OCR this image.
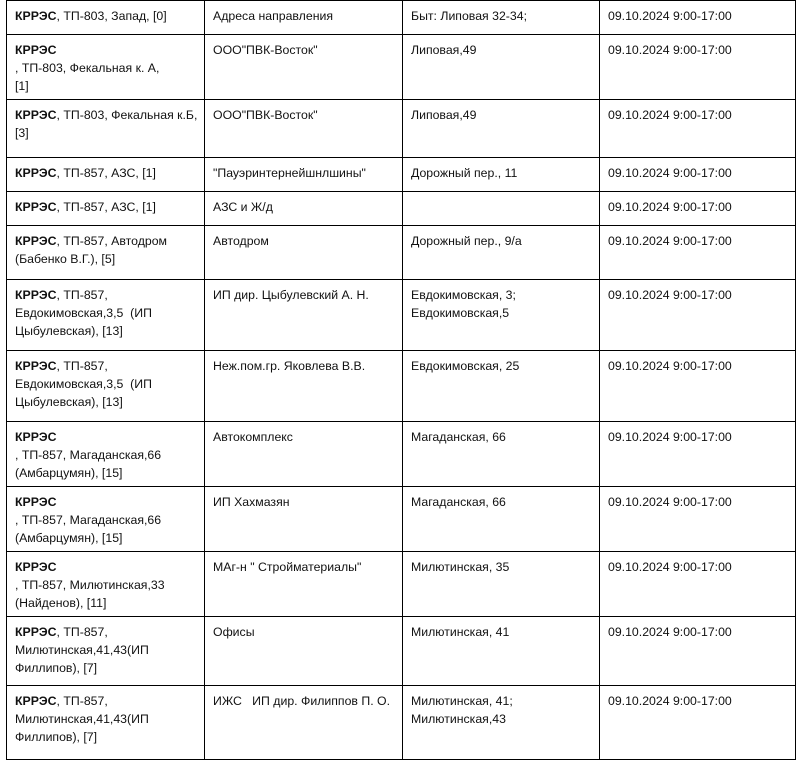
КРРЭС, ТП-803, Запад, [0]	Адреса направления	Быт: Липовая 32-34;	09.10.2024 9:00-17:00

КРРЭС, ТП-803, Фекальная к. А,
[1]	ООО"ПВК-Восток"	Липовая,49	09.10.2024 9:00-17:00

КРРЭС, ТП-803, Фекальная к.Б,
[3]	ООО"ПВК-Восток"	Липовая,49	09.10.2024 9:00-17:00

КРРЭС, ТП-857, АЗС, [1]	"Пауэринтернейшнлшины"	Дорожный пер., 11	09.10.2024 9:00-17:00

КРРЭС, ТП-857, АЗС, [1]	АЗС и Ж/д		09.10.2024 9:00-17:00

КРРЭС, ТП-857, Автодром
(Бабенко В.Г.), [5]	Автодром	Дорожный пер., 9/а	09.10.2024 9:00-17:00

КРРЭС, ТП-857,
Евдокимовская,3,5  (ИП
Цыбулевская), [13]	ИП дир. Цыбулевский А. Н.	Евдокимовская, 3;
Евдокимовская,5	09.10.2024 9:00-17:00

КРРЭС, ТП-857,
Евдокимовская,3,5  (ИП
Цыбулевская), [13]	Неж.пом.гр. Яковлева В.В.	Евдокимовская, 25	09.10.2024 9:00-17:00

КРРЭС, ТП-857, Магаданская,66
(Амбарцумян), [15]	Автокомплекс	Магаданская, 66	09.10.2024 9:00-17:00

КРРЭС, ТП-857, Магаданская,66
(Амбарцумян), [15]	ИП Хахмазян	Магаданская, 66	09.10.2024 9:00-17:00

КРРЭС, ТП-857, Милютинская,33
(Найденов), [11]	МАг-н " Стройматериалы"	Милютинская, 35	09.10.2024 9:00-17:00

КРРЭС, ТП-857,
Милютинская,41,43(ИП
Филлипов), [7]	Офисы	Милютинская, 41	09.10.2024 9:00-17:00

КРРЭС, ТП-857,
Милютинская,41,43(ИП
Филлипов), [7]	ИЖС   ИП дир. Филиппов П. О.	Милютинская, 41;
Милютинская,43	09.10.2024 9:00-17:00
